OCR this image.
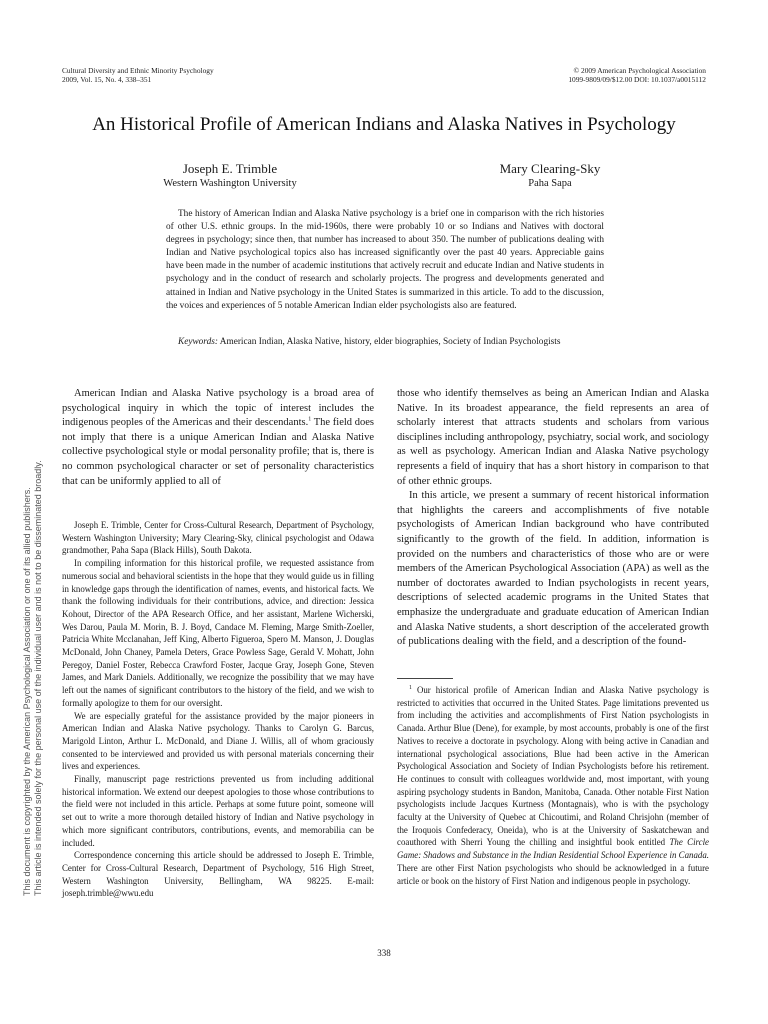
Cultural Diversity and Ethnic Minority Psychology
2009, Vol. 15, No. 4, 338–351
© 2009 American Psychological Association
1099-9809/09/$12.00 DOI: 10.1037/a0015112
An Historical Profile of American Indians and Alaska Natives in Psychology
Joseph E. Trimble
Western Washington University
Mary Clearing-Sky
Paha Sapa

The history of American Indian and Alaska Native psychology is a brief one in comparison with the rich histories of other U.S. ethnic groups. In the mid-1960s, there were probably 10 or so Indians and Natives with doctoral degrees in psychology; since then, that number has increased to about 350. The number of publications dealing with Indian and Native psychological topics also has increased significantly over the past 40 years. Appreciable gains have been made in the number of academic institutions that actively recruit and educate Indian and Native students in psychology and in the conduct of research and scholarly projects. The progress and developments generated and attained in Indian and Native psychology in the United States is summarized in this article. To add to the discussion, the voices and experiences of 5 notable American Indian elder psychologists also are featured.

Keywords: American Indian, Alaska Native, history, elder biographies, Society of Indian Psychologists

American Indian and Alaska Native psychology is a broad area of psychological inquiry in which the topic of interest includes the indigenous peoples of the Americas and their descendants.$^1$ The field does not imply that there is a unique American Indian and Alaska Native collective psychological style or modal personality profile; that is, there is no common psychological character or set of personality characteristics that can be uniformly applied to all of

Joseph E. Trimble, Center for Cross-Cultural Research, Department of Psychology, Western Washington University; Mary Clearing-Sky, clinical psychologist and Odawa grandmother, Paha Sapa (Black Hills), South Dakota.

In compiling information for this historical profile, we requested assistance from numerous social and behavioral scientists in the hope that they would guide us in filling in knowledge gaps through the identification of names, events, and historical facts. We thank the following individuals for their contributions, advice, and direction: Jessica Kohout, Director of the APA Research Office, and her assistant, Marlene Wicherski, Wes Darou, Paula M. Morin, B. J. Boyd, Candace M. Fleming, Marge Smith-Zoeller, Patricia White Mcclanahan, Jeff King, Alberto Figueroa, Spero M. Manson, J. Douglas McDonald, John Chaney, Pamela Deters, Grace Powless Sage, Gerald V. Mohatt, John Peregoy, Daniel Foster, Rebecca Crawford Foster, Jacque Gray, Joseph Gone, Steven James, and Mark Daniels. Additionally, we recognize the possibility that we may have left out the names of significant contributors to the history of the field, and we wish to formally apologize to them for our oversight.

We are especially grateful for the assistance provided by the major pioneers in American Indian and Alaska Native psychology. Thanks to Carolyn G. Barcus, Marigold Linton, Arthur L. McDonald, and Diane J. Willis, all of whom graciously consented to be interviewed and provided us with personal materials concerning their lives and experiences.

Finally, manuscript page restrictions prevented us from including additional historical information. We extend our deepest apologies to those whose contributions to the field were not included in this article. Perhaps at some future point, someone will set out to write a more thorough detailed history of Indian and Native psychology in which more significant contributors, contributions, events, and memorabilia can be included.

Correspondence concerning this article should be addressed to Joseph E. Trimble, Center for Cross-Cultural Research, Department of Psychology, 516 High Street, Western Washington University, Bellingham, WA 98225. E-mail: joseph.trimble@wwu.edu

those who identify themselves as being an American Indian and Alaska Native. In its broadest appearance, the field represents an area of scholarly interest that attracts students and scholars from various disciplines including anthropology, psychiatry, social work, and sociology as well as psychology. American Indian and Alaska Native psychology represents a field of inquiry that has a short history in comparison to that of other ethnic groups.

In this article, we present a summary of recent historical information that highlights the careers and accomplishments of five notable psychologists of American Indian background who have contributed significantly to the growth of the field. In addition, information is provided on the numbers and characteristics of those who are or were members of the American Psychological Association (APA) as well as the number of doctorates awarded to Indian psychologists in recent years, descriptions of selected academic programs in the United States that emphasize the undergraduate and graduate education of American Indian and Alaska Native students, a short description of the accelerated growth of publications dealing with the field, and a description of the found-

$^1$ Our historical profile of American Indian and Alaska Native psychology is restricted to activities that occurred in the United States. Page limitations prevented us from including the activities and accomplishments of First Nation psychologists in Canada. Arthur Blue (Dene), for example, by most accounts, probably is one of the first Natives to receive a doctorate in psychology. Along with being active in Canadian and international psychological associations, Blue had been active in the American Psychological Association and Society of Indian Psychologists before his retirement. He continues to consult with colleagues worldwide and, most important, with young aspiring psychology students in Bandon, Manitoba, Canada. Other notable First Nation psychologists include Jacques Kurtness (Montagnais), who is with the psychology faculty at the University of Quebec at Chicoutimi, and Roland Chrisjohn (member of the Iroquois Confederacy, Oneida), who is at the University of Saskatchewan and coauthored with Sherri Young the chilling and insightful book entitled The Circle Game: Shadows and Substance in the Indian Residential School Experience in Canada. There are other First Nation psychologists who should be acknowledged in a future article or book on the history of First Nation and indigenous people in psychology.

This document is copyrighted by the American Psychological Association or one of its allied publishers. This article is intended solely for the personal use of the individual user and is not to be disseminated broadly.
338
